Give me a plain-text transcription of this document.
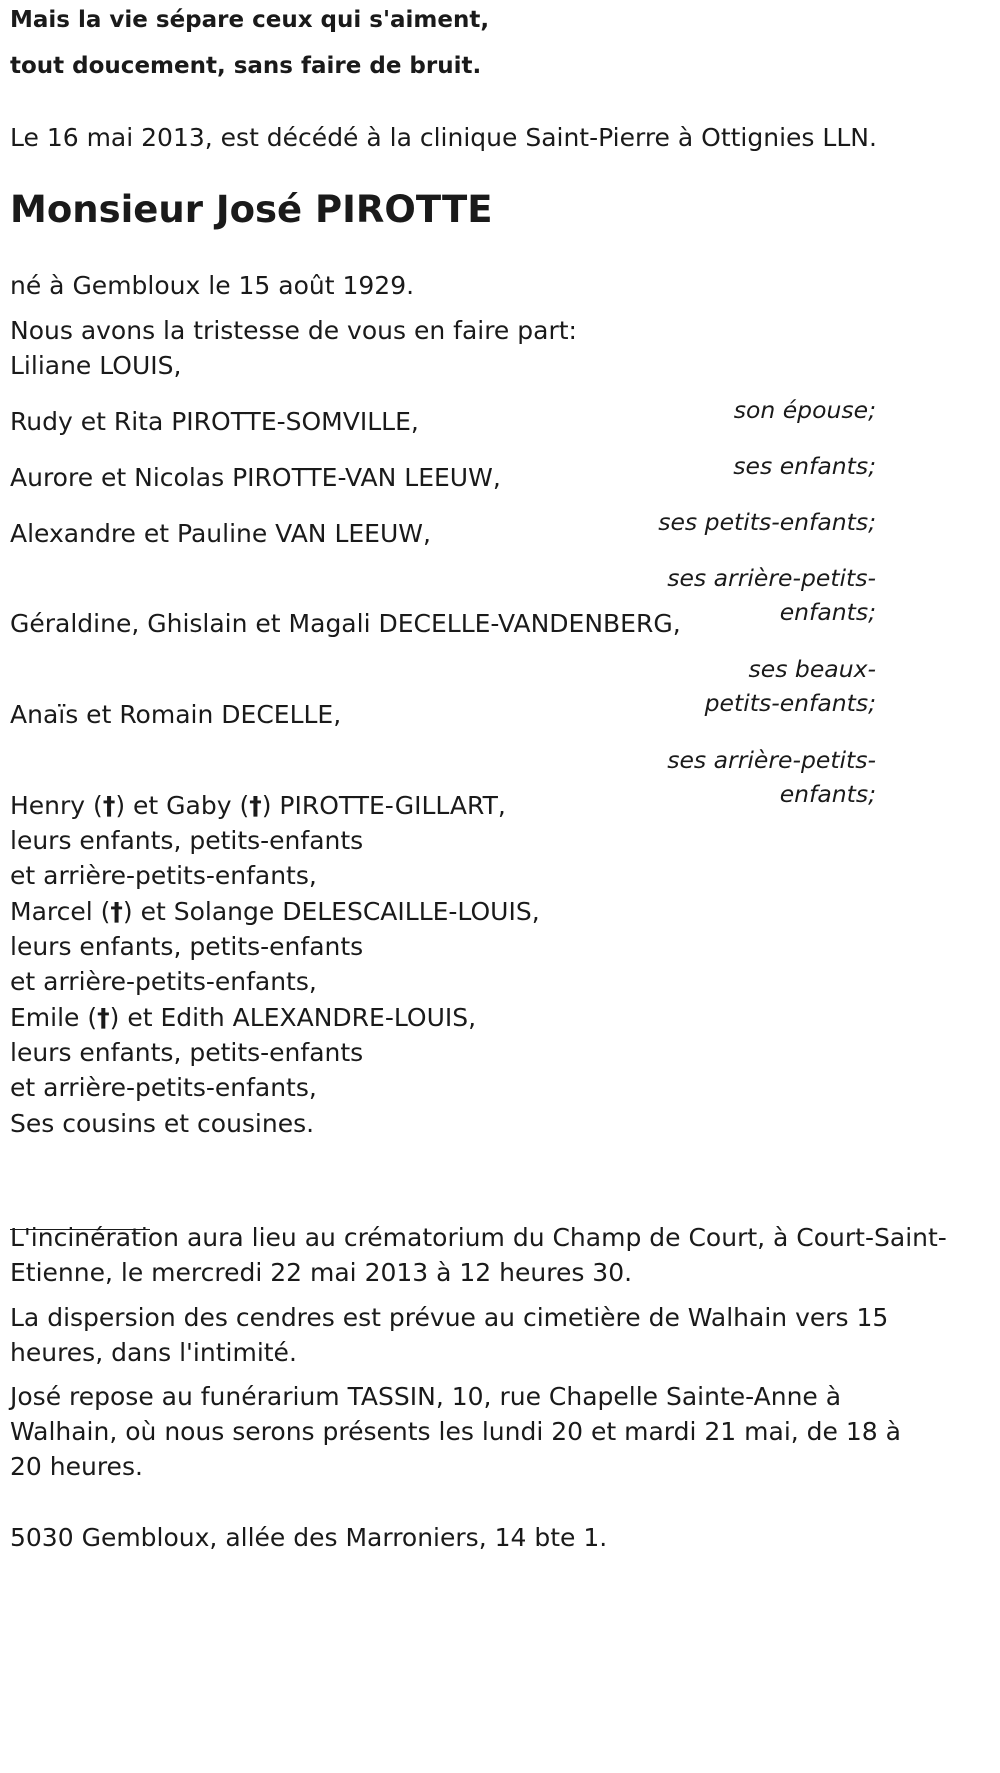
Mais la vie sépare ceux qui s'aiment,

tout doucement, sans faire de bruit.

Le 16 mai 2013, est décédé à la clinique Saint-Pierre à Ottignies LLN.

Monsieur José PIROTTE

né à Gembloux le 15 août 1929.

Nous avons la tristesse de vous en faire part:

Liliane LOUIS,

son épouse;

Rudy et Rita PIROTTE-SOMVILLE,

ses enfants;

Aurore et Nicolas PIROTTE-VAN LEEUW,

ses petits-enfants;

Alexandre et Pauline VAN LEEUW,

ses arrière-petits-enfants;

Géraldine, Ghislain et Magali DECELLE-VANDENBERG,

ses beaux-petits-enfants;

Anaïs et Romain DECELLE,

ses arrière-petits-enfants;

Henry (†) et Gaby (†) PIROTTE-GILLART,

leurs enfants, petits-enfants

et arrière-petits-enfants,

Marcel (†) et Solange DELESCAILLE-LOUIS,

leurs enfants, petits-enfants

et arrière-petits-enfants,

Emile (†) et Edith ALEXANDRE-LOUIS,

leurs enfants, petits-enfants

et arrière-petits-enfants,

Ses cousins et cousines.

L'incinération aura lieu au crématorium du Champ de Court, à Court-Saint-Etienne, le mercredi 22 mai 2013 à 12 heures 30.

La dispersion des cendres est prévue au cimetière de Walhain vers 15 heures, dans l'intimité.

José repose au funérarium TASSIN, 10, rue Chapelle Sainte-Anne à Walhain, où nous serons présents les lundi 20 et mardi 21 mai, de 18 à 20 heures.

5030 Gembloux, allée des Marroniers, 14 bte 1.
